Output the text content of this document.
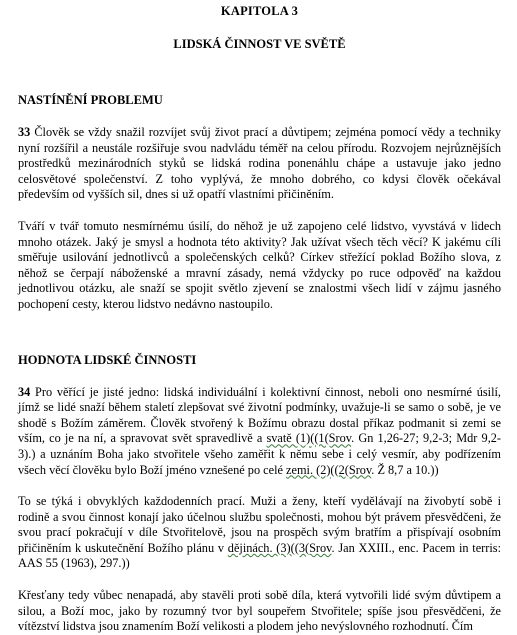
KAPITOLA 3
LIDSKÁ ČINNOST VE SVĚTĚ
NASTÍNĚNÍ PROBLEMU

33 Člověk se vždy snažil rozvíjet svůj život prací a důvtipem; zejména pomocí vědy a techniky nyní rozšířil a neustále rozšiřuje svou nadvládu téměř na celou přírodu. Rozvojem nejrůznějších prostředků mezinárodních styků se lidská rodina ponenáhlu chápe a ustavuje jako jedno celosvětové společenství. Z toho vyplývá, že mnoho dobrého, co kdysi člověk očekával především od vyšších sil, dnes si už opatří vlastními přičiněním.

Tváří v tvář tomuto nesmírnému úsilí, do něhož je už zapojeno celé lidstvo, vyvstává v lidech mnoho otázek. Jaký je smysl a hodnota této aktivity? Jak užívat všech těch věcí? K jakému cíli směřuje usilování jednotlivců a společenských celků? Církev střežící poklad Božího slova, z něhož se čerpají náboženské a mravní zásady, nemá vždycky po ruce odpověď na každou jednotlivou otázku, ale snaží se spojit světlo zjevení se znalostmi všech lidí v zájmu jasného pochopení cesty, kterou lidstvo nedávno nastoupilo.

HODNOTA LIDSKÉ ČINNOSTI

34 Pro věřící je jisté jedno: lidská individuální i kolektivní činnost, neboli ono nesmírné úsilí, jímž se lidé snaží během staletí zlepšovat své životní podmínky, uvažuje-li se samo o sobě, je ve shodě s Božím záměrem. Člověk stvořený k Božímu obrazu dostal příkaz podmanit si zemi se vším, co je na ní, a spravovat svět spravedlivě a svatě (1)((1(Srov. Gn 1,26-27; 9,2-3; Mdr 9,2-3).) a uznáním Boha jako stvořitele všeho zaměřit k němu sebe i celý vesmír, aby podřízením všech věcí člověku bylo Boží jméno vznešené po celé zemi. (2)((2(Srov. Ž 8,7 a 10.))

To se týká i obvyklých každodenních prací. Muži a ženy, kteří vydělávají na živobytí sobě i rodině a svou činnost konají jako účelnou službu společnosti, mohou být právem přesvědčeni, že svou prací pokračují v díle Stvořitelově, jsou na prospěch svým bratřím a přispívají osobním přičiněním k uskutečnění Božího plánu v dějinách. (3)((3(Srov. Jan XXIII., enc. Pacem in terris: AAS 55 (1963), 297.))

Křesťany tedy vůbec nenapadá, aby stavěli proti sobě díla, která vytvořili lidé svým důvtipem a silou, a Boží moc, jako by rozumný tvor byl soupeřem Stvořitele; spíše jsou přesvědčeni, že vítězství lidstva jsou znamením Boží velikosti a plodem jeho nevýslovného rozhodnutí. Čím
